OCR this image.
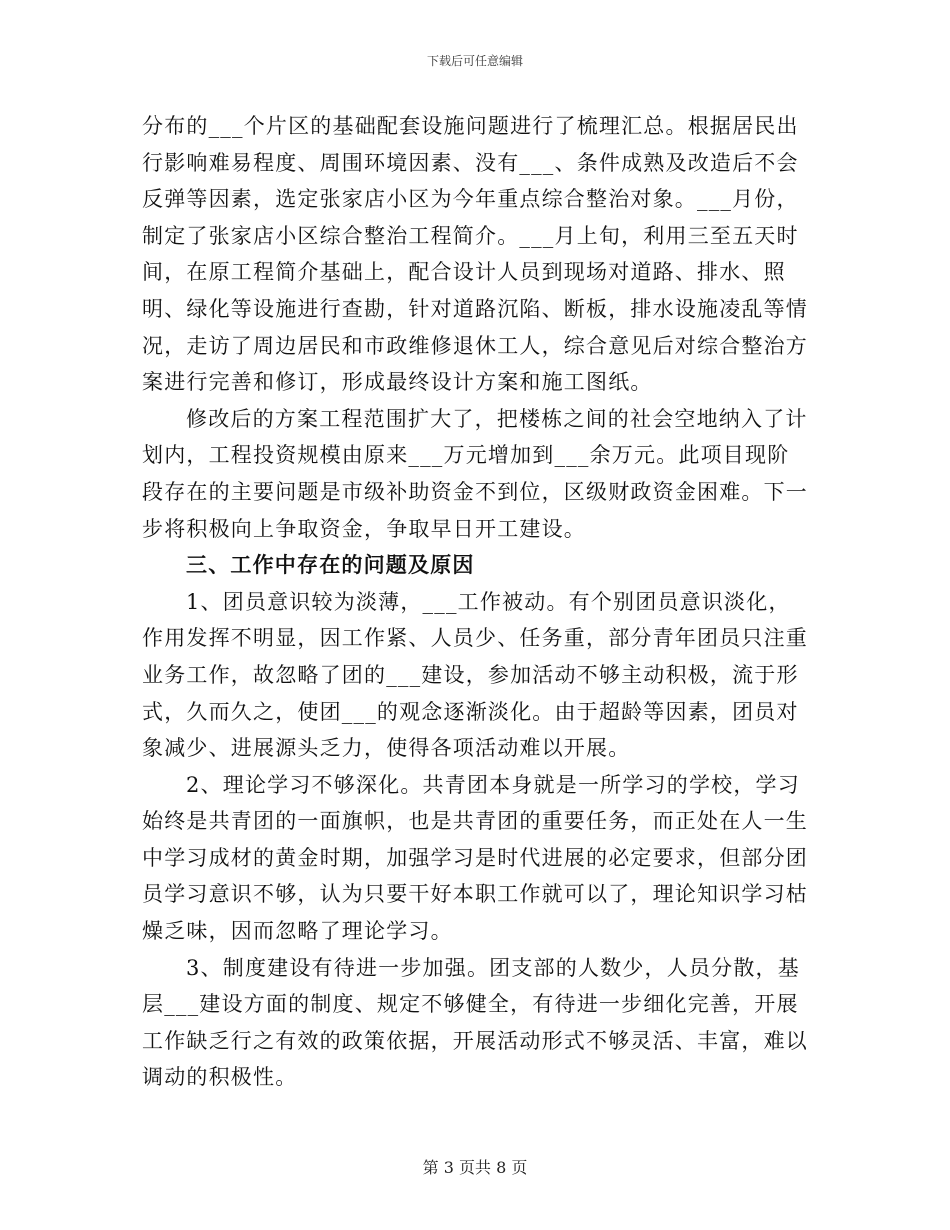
下载后可任意编辑

分布的___个片区的基础配套设施问题进行了梳理汇总。根据居民出行影响难易程度、周围环境因素、没有___、条件成熟及改造后不会反弹等因素，选定张家店小区为今年重点综合整治对象。___月份，制定了张家店小区综合整治工程简介。___月上旬，利用三至五天时间，在原工程简介基础上，配合设计人员到现场对道路、排水、照明、绿化等设施进行查勘，针对道路沉陷、断板，排水设施凌乱等情况，走访了周边居民和市政维修退休工人，综合意见后对综合整治方案进行完善和修订，形成最终设计方案和施工图纸。

修改后的方案工程范围扩大了，把楼栋之间的社会空地纳入了计划内，工程投资规模由原来___万元增加到___余万元。此项目现阶段存在的主要问题是市级补助资金不到位，区级财政资金困难。下一步将积极向上争取资金，争取早日开工建设。

三、工作中存在的问题及原因

1、团员意识较为淡薄，___工作被动。有个别团员意识淡化，作用发挥不明显，因工作紧、人员少、任务重，部分青年团员只注重业务工作，故忽略了团的___建设，参加活动不够主动积极，流于形式，久而久之，使团___的观念逐渐淡化。由于超龄等因素，团员对象减少、进展源头乏力，使得各项活动难以开展。

2、理论学习不够深化。共青团本身就是一所学习的学校，学习始终是共青团的一面旗帜，也是共青团的重要任务，而正处在人一生中学习成材的黄金时期，加强学习是时代进展的必定要求，但部分团员学习意识不够，认为只要干好本职工作就可以了，理论知识学习枯燥乏味，因而忽略了理论学习。

3、制度建设有待进一步加强。团支部的人数少，人员分散，基层___建设方面的制度、规定不够健全，有待进一步细化完善，开展工作缺乏行之有效的政策依据，开展活动形式不够灵活、丰富，难以调动的积极性。

第 3 页共 8 页
